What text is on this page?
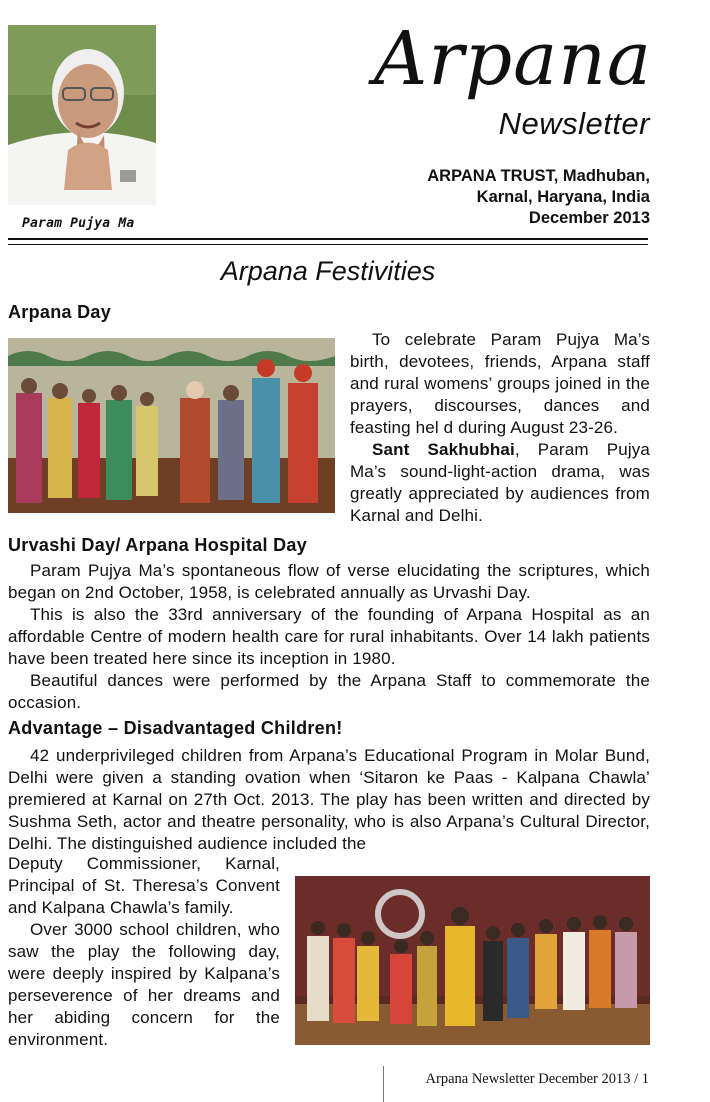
Param Pujya Ma
Arpana
Newsletter
ARPANA TRUST, Madhuban,
Karnal, Haryana, India
December 2013
Arpana Festivities
Arpana Day

To celebrate Param Pujya Ma’s birth, devotees, friends, Arpana staff and rural womens’ groups joined in the prayers, discourses, dances and feasting hel d during August 23-26.

Sant Sakhubhai, Param Pujya Ma’s sound-light-action drama, was greatly appreciated by audiences from Karnal and Delhi.

Urvashi Day/ Arpana Hospital Day

Param Pujya Ma’s spontaneous flow of verse elucidating the scriptures, which began on 2nd October, 1958, is celebrated annually as Urvashi Day.

This is also the 33rd anniversary of the founding of Arpana Hospital as an affordable Centre of modern health care for rural inhabitants. Over 14 lakh patients have been treated here since its inception in 1980.

Beautiful dances were performed by the Arpana Staff to commemorate the occasion.

Advantage – Disadvantaged Children!

42 underprivileged children from Arpana’s Educational Program in Molar Bund, Delhi were given a standing ovation when ‘Sitaron ke Paas - Kalpana Chawla’ premiered at Karnal on 27th Oct. 2013. The play has been written and directed by Sushma Seth, actor and theatre personality, who is also Arpana’s Cultural Director, Delhi. The distinguished audience included the

Deputy Commissioner, Karnal, Principal of St. Theresa’s Convent and Kalpana Chawla’s family.

Over 3000 school children, who saw the play the following day, were deeply inspired by Kalpana’s perseverence of her dreams and her abiding concern for the environment.

Arpana Newsletter December 2013 / 1
